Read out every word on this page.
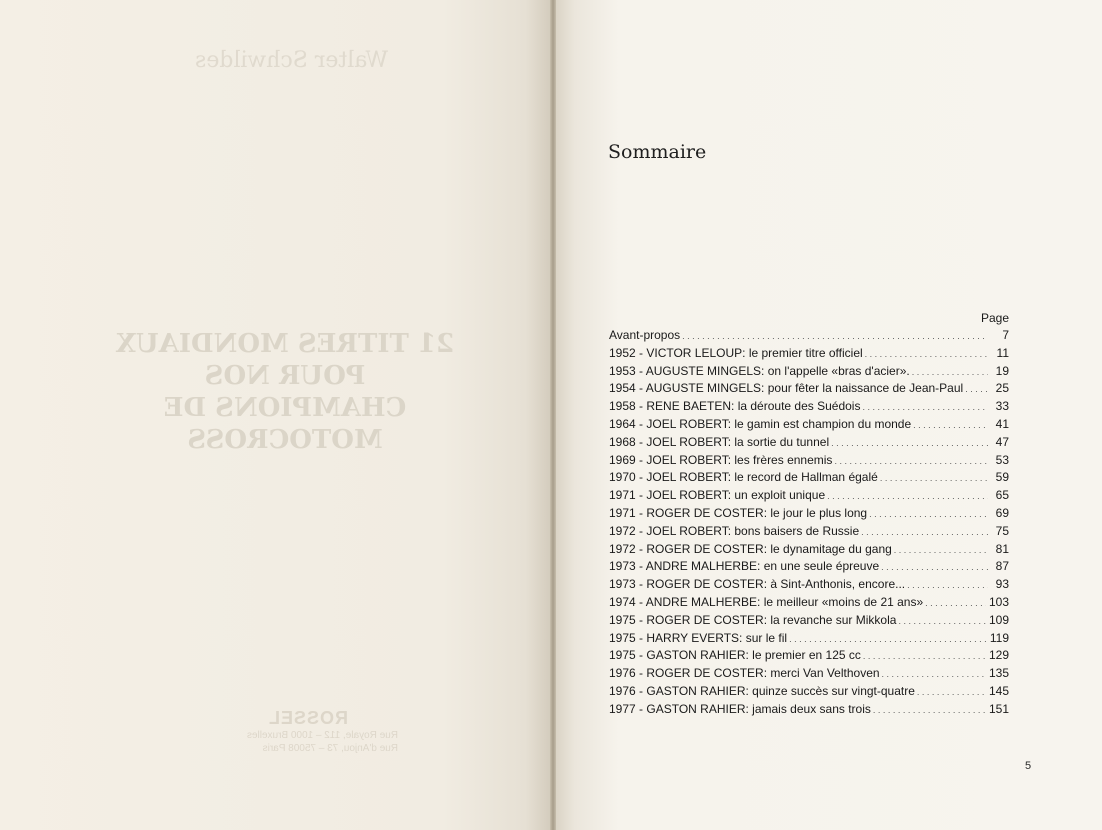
Walter Schwildes
21 TITRES MONDIAUX POUR NOS CHAMPIONS DE MOTOCROSS
ROSSEL
Rue Royale, 112 – 1000 Bruxelles
Rue d'Anjou, 73 – 75008 Paris
Sommaire
Page
Avant-propos . . .	7
1952 - VICTOR LELOUP: le premier titre officiel . . .	11
1953 - AUGUSTE MINGELS: on l'appelle «bras d'acier». . . .	19
1954 - AUGUSTE MINGELS: pour fêter la naissance de Jean-Paul . . .	25
1958 - RENE BAETEN: la déroute des Suédois . . .	33
1964 - JOEL ROBERT: le gamin est champion du monde . . .	41
1968 - JOEL ROBERT: la sortie du tunnel . . .	47
1969 - JOEL ROBERT: les frères ennemis . . .	53
1970 - JOEL ROBERT: le record de Hallman égalé . . .	59
1971 - JOEL ROBERT: un exploit unique . . .	65
1971 - ROGER DE COSTER: le jour le plus long . . .	69
1972 - JOEL ROBERT: bons baisers de Russie . . .	75
1972 - ROGER DE COSTER: le dynamitage du gang . . .	81
1973 - ANDRE MALHERBE: en une seule épreuve . . .	87
1973 - ROGER DE COSTER: à Sint-Anthonis, encore... . . .	93
1974 - ANDRE MALHERBE: le meilleur «moins de 21 ans» . . .	103
1975 - ROGER DE COSTER: la revanche sur Mikkola . . .	109
1975 - HARRY EVERTS: sur le fil . . .	119
1975 - GASTON RAHIER: le premier en 125 cc . . .	129
1976 - ROGER DE COSTER: merci Van Velthoven . . .	135
1976 - GASTON RAHIER: quinze succès sur vingt-quatre . . .	145
1977 - GASTON RAHIER: jamais deux sans trois . . .	151
5
